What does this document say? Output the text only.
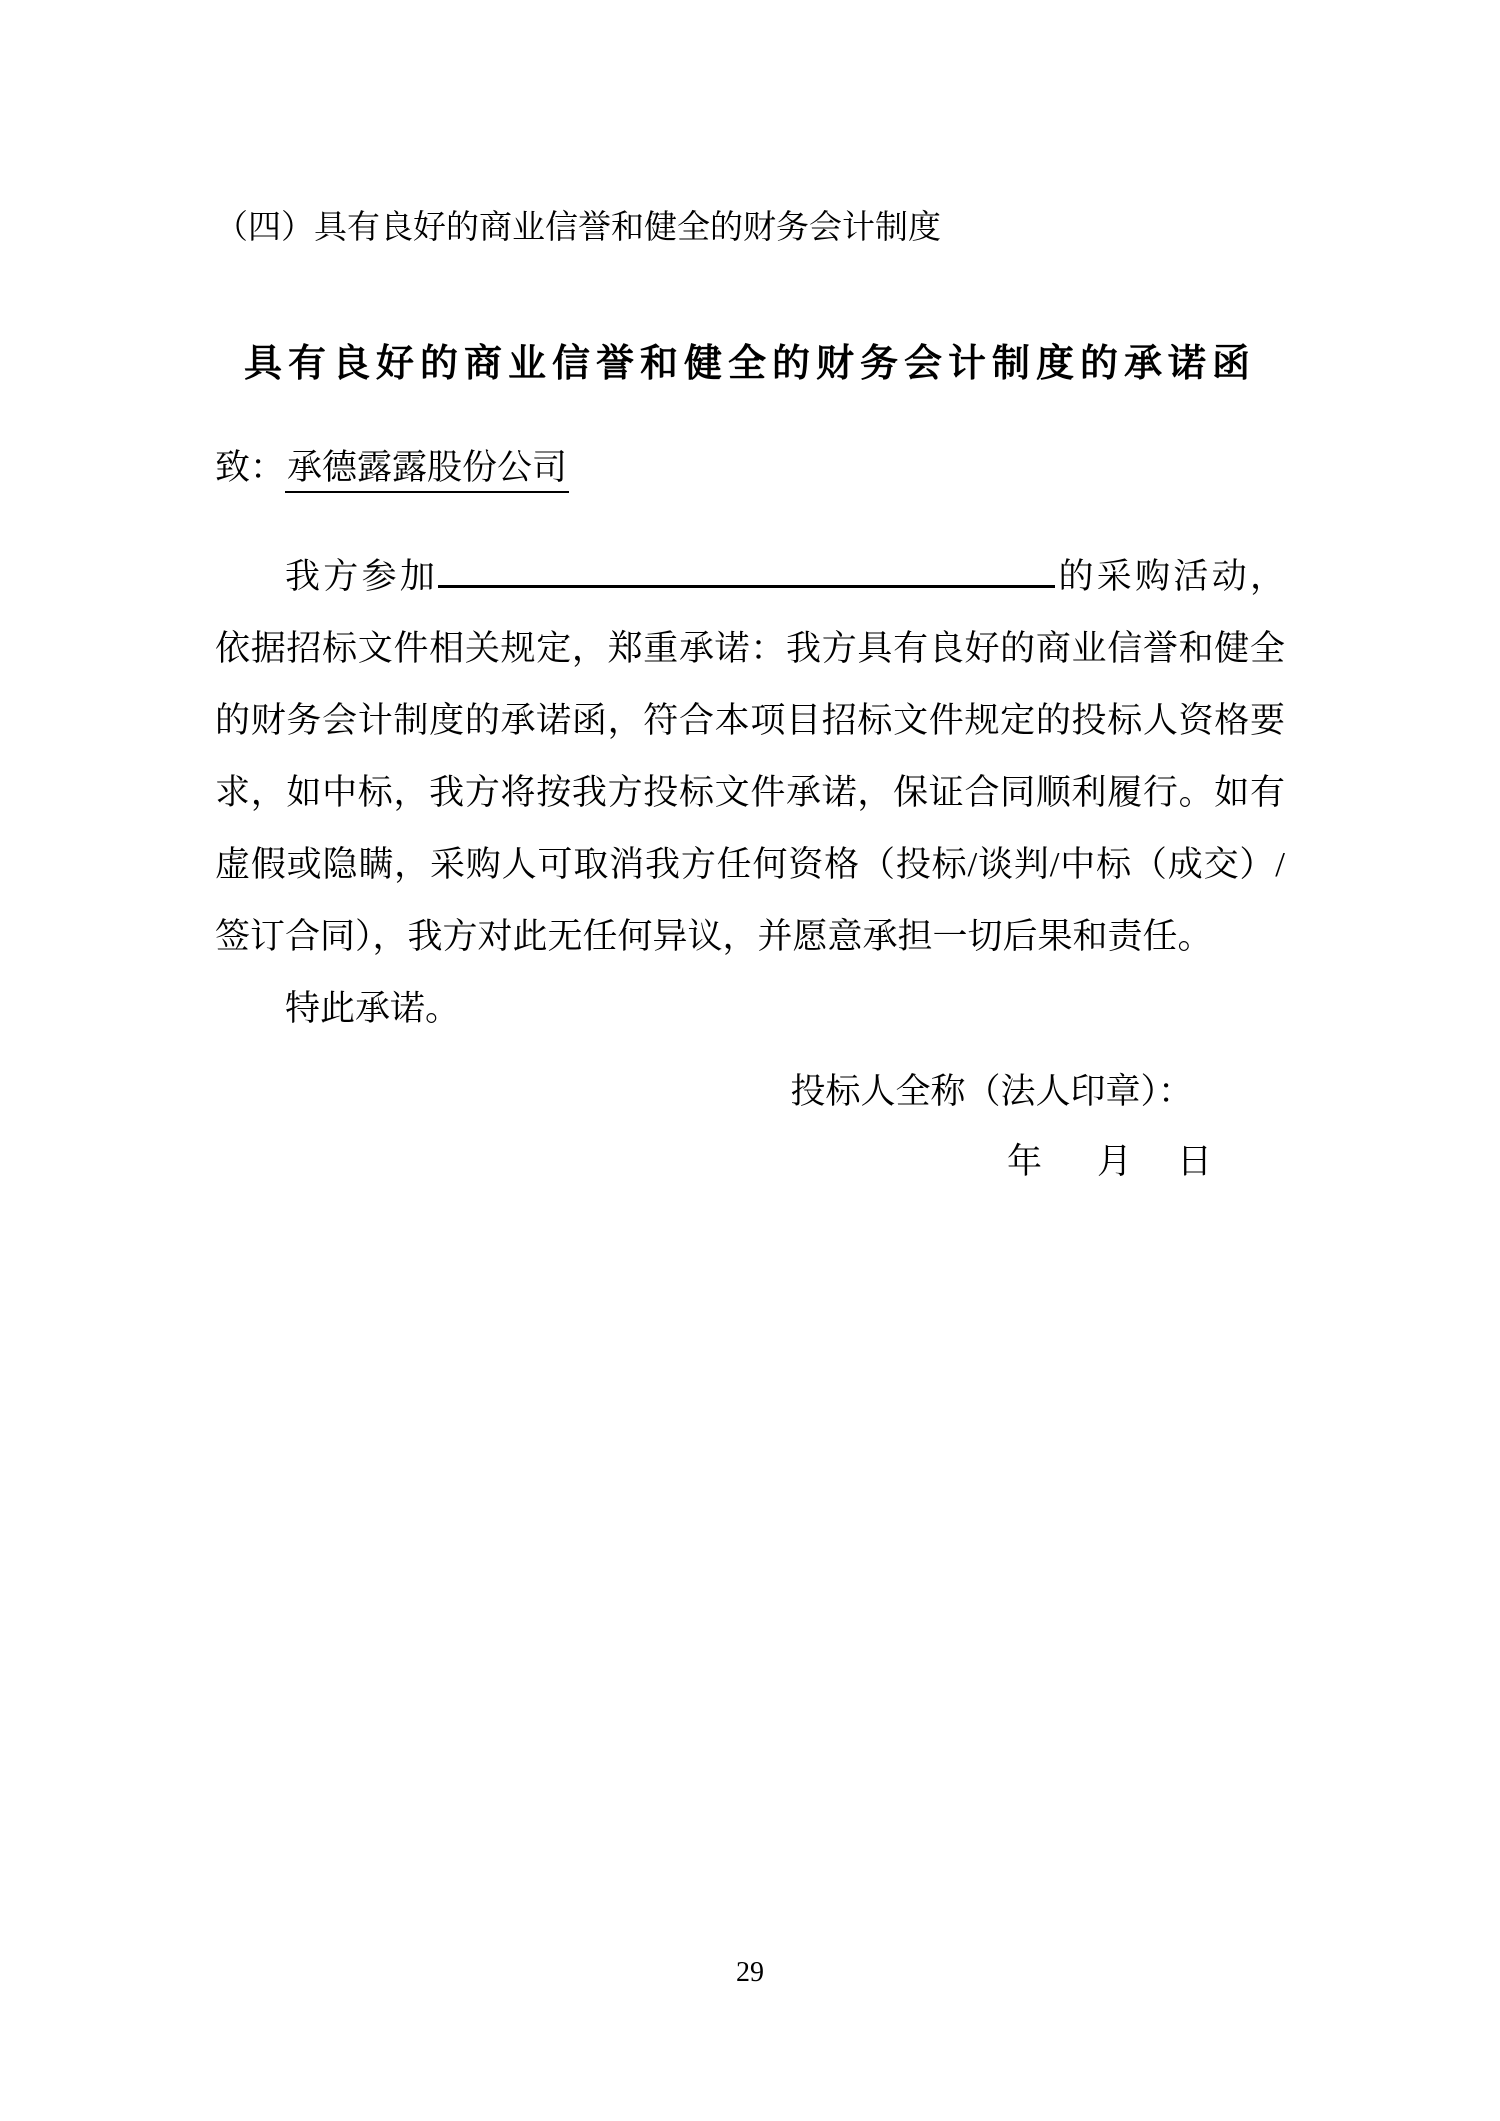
（四）具有良好的商业信誉和健全的财务会计制度
具有良好的商业信誉和健全的财务会计制度的承诺函
致：承德露露股份公司
我方参加	的采购活动，依据招标文件相关规定，郑重承诺：我方具有良好的商业信誉和健全的财务会计制度的承诺函，符合本项目招标文件规定的投标人资格要求，如中标，我方将按我方投标文件承诺，保证合同顺利履行。如有虚假或隐瞒，采购人可取消我方任何资格（投标/谈判/中标（成交）/签订合同），我方对此无任何异议，并愿意承担一切后果和责任。
特此承诺。
投标人全称（法人印章）：
年 月 日
29
